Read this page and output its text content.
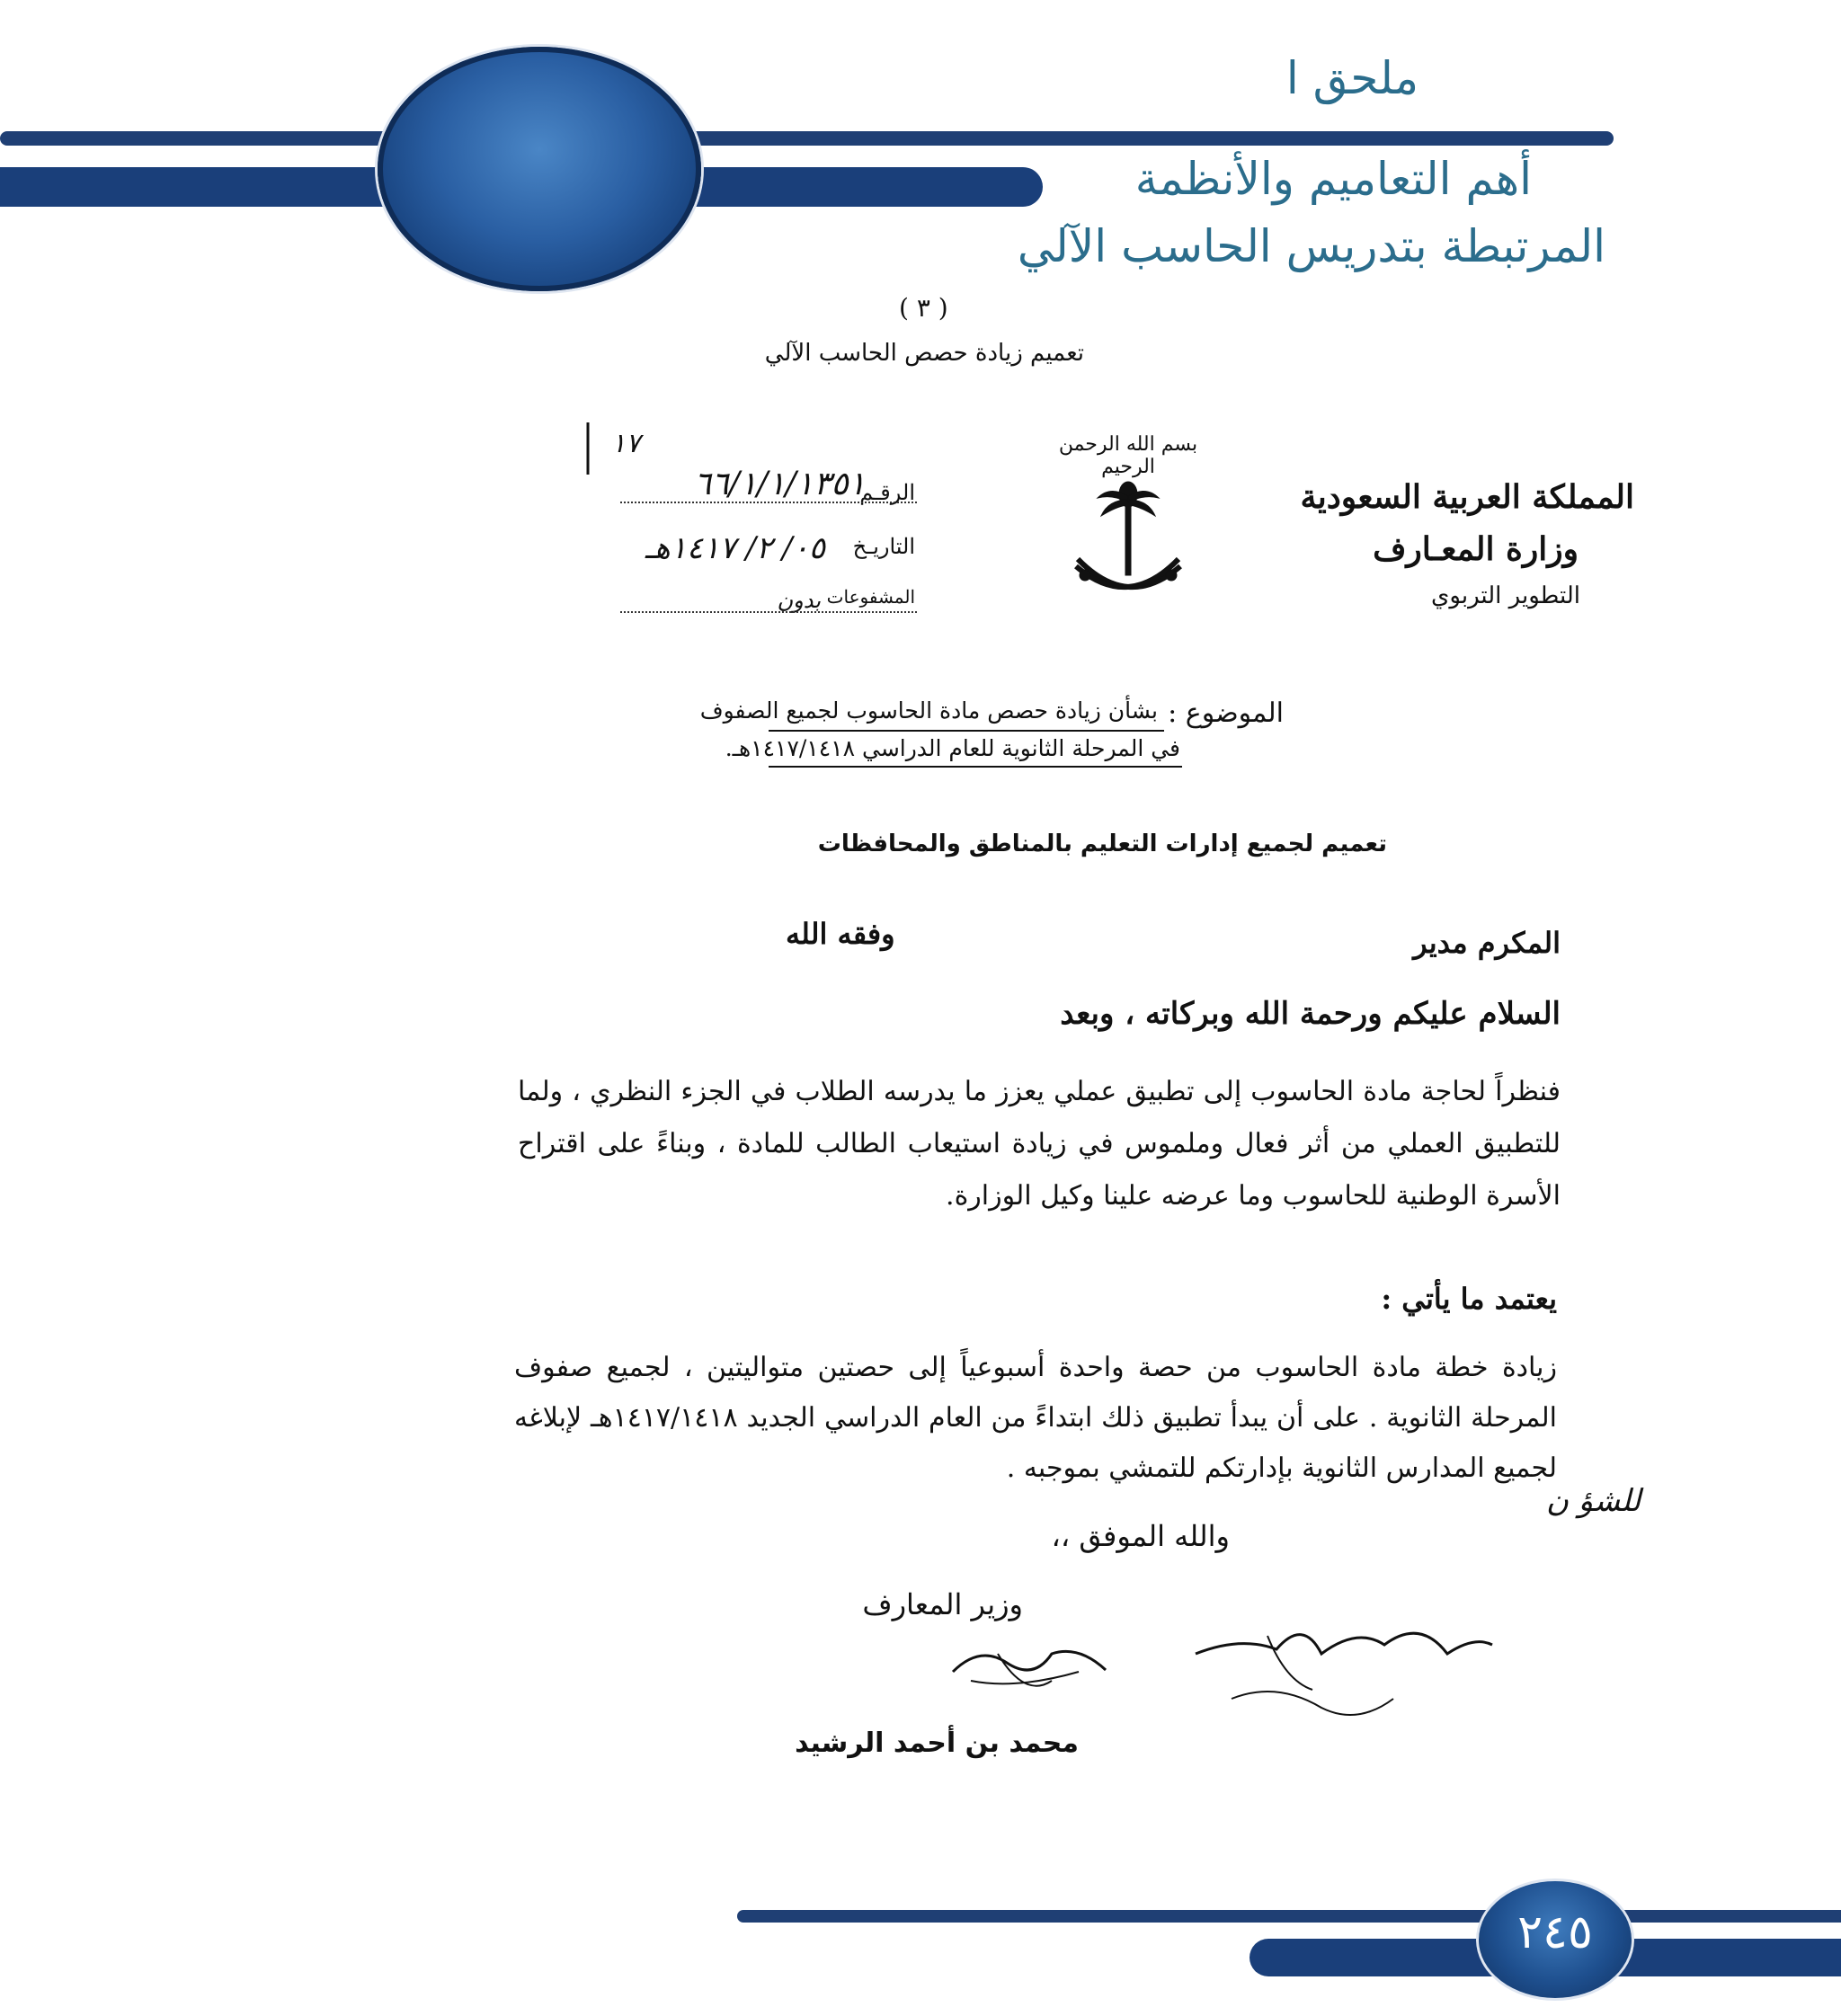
ملحق ا
أهم التعاميم والأنظمة
المرتبطة بتدريس الحاسب الآلي
( ٣ )
تعميم زيادة حصص الحاسب الآلي
المملكة العربية السعودية
وزارة المعـارف
التطوير التربوي
بسم الله الرحمن الرحيم
١٧
الرقـم
٦٦/١/١/١٣٥١
التاريـخ
٠٥/ ٢/ ١٤١٧هـ
المشفوعات
بدون
الموضوع :
بشأن زيادة حصص مادة الحاسوب لجميع الصفوف
في المرحلة الثانوية للعام الدراسي ١٤١٧/١٤١٨هـ.
تعميم لجميع إدارات التعليم بالمناطق والمحافظات
المكرم مدير
وفقه الله
السلام عليكم ورحمة الله وبركاته ، وبعد
فنظراً لحاجة مادة الحاسوب إلى تطبيق عملي يعزز ما يدرسه الطلاب في الجزء النظري ، ولما للتطبيق العملي من أثر فعال وملموس في زيادة استيعاب الطالب للمادة ، وبناءً على اقتراح الأسرة الوطنية للحاسوب وما عرضه علينا وكيل الوزارة.
يعتمد ما يأتي :
زيادة خطة مادة الحاسوب من حصة واحدة أسبوعياً إلى حصتين متواليتين ، لجميع صفوف المرحلة الثانوية . على أن يبدأ تطبيق ذلك ابتداءً من العام الدراسي الجديد ١٤١٧/١٤١٨هـ لإبلاغه لجميع المدارس الثانوية بإدارتكم للتمشي بموجبه .
والله الموفق ،،
للشؤ ن
وزير المعارف
محمد بن أحمد الرشيد
٢٤٥
